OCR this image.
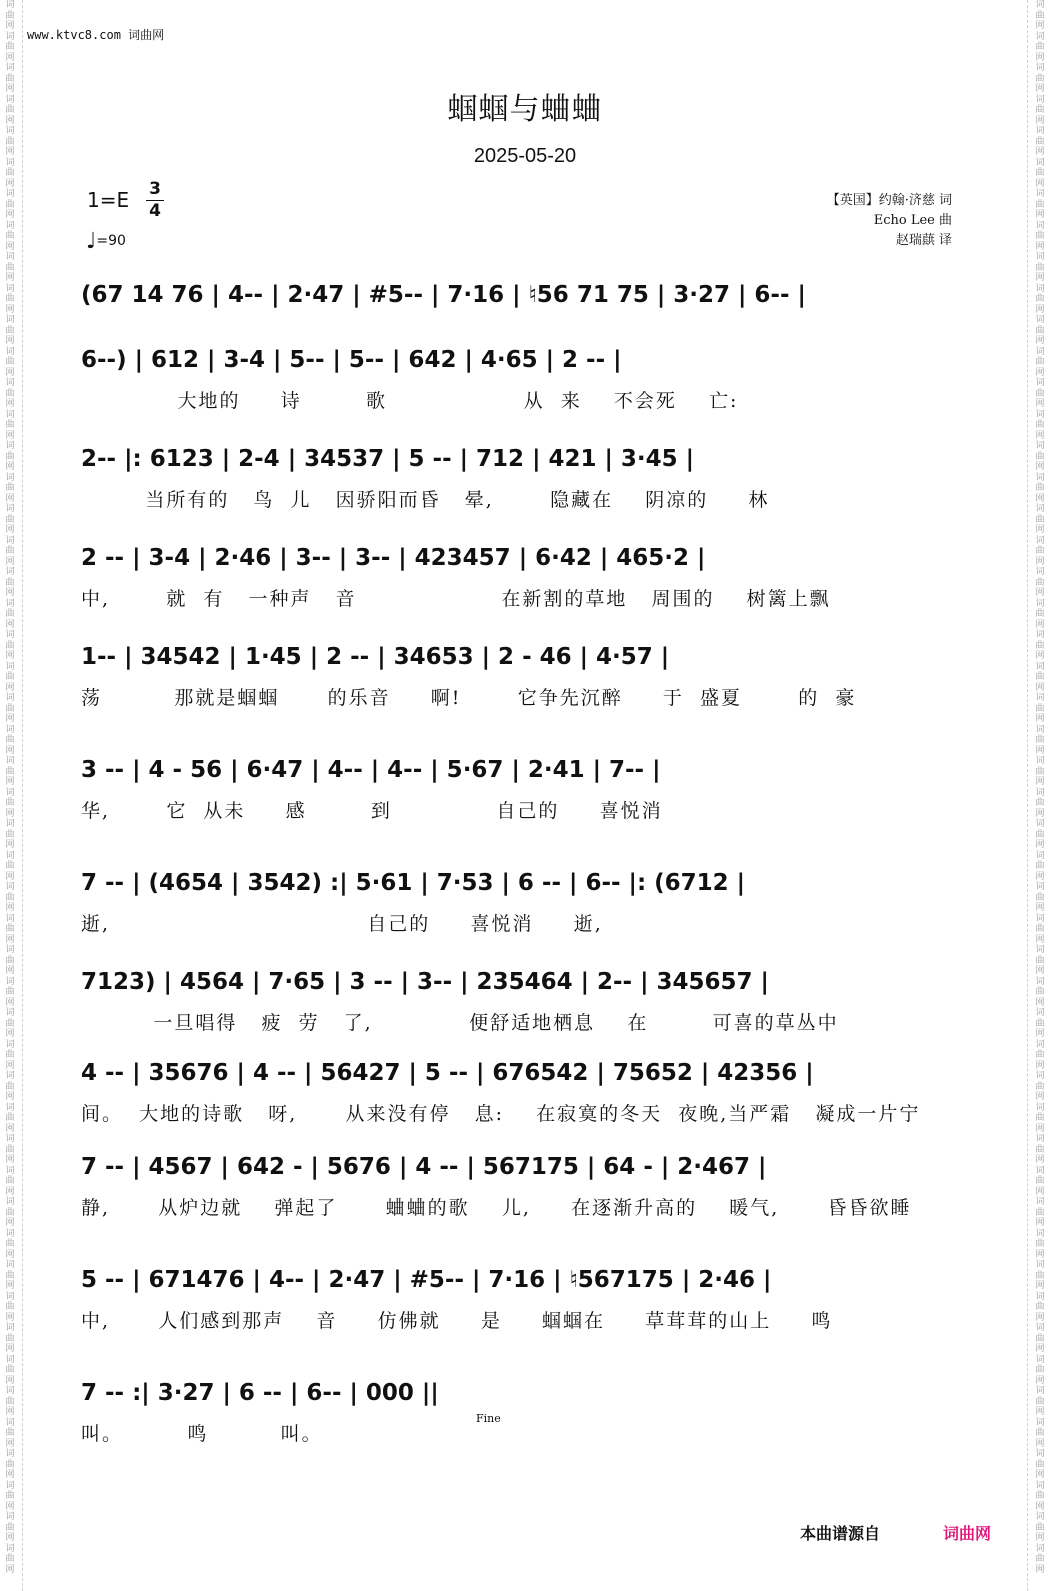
词曲网词曲网词曲网词曲网词曲网词曲网词曲网词曲网词曲网词曲网词曲网词曲网词曲网词曲网词曲网词曲网词曲网词曲网词曲网词曲网词曲网词曲网词曲网词曲网词曲网词曲网词曲网词曲网词曲网词曲网词曲网词曲网词曲网词曲网词曲网词曲网词曲网词曲网词曲网词曲网词曲网词曲网词曲网词曲网词曲网词曲网词曲网词曲网词曲网词曲网
词曲网词曲网词曲网词曲网词曲网词曲网词曲网词曲网词曲网词曲网词曲网词曲网词曲网词曲网词曲网词曲网词曲网词曲网词曲网词曲网词曲网词曲网词曲网词曲网词曲网词曲网词曲网词曲网词曲网词曲网词曲网词曲网词曲网词曲网词曲网词曲网词曲网词曲网词曲网词曲网词曲网词曲网词曲网词曲网词曲网词曲网词曲网词曲网词曲网词曲网
www.ktvc8.com 词曲网
蝈蝈与蛐蛐
2025-05-20
1=E 3
4
♩=90
【英国】约翰·济慈 词
Echo Lee 曲
赵瑞蕻 译
(67 14 76 | 4-- | 2·47 | #5-- | 7·16 | ♮56 71 75 | 3·27 | 6-- |
6--) | 612 | 3-4 | 5-- | 5-- | 642 | 4·65 | 2 -- |
大地的     诗        歌                 从  来    不会死    亡:
2-- |: 6123 | 2-4 | 34537 | 5 -- | 712 | 421 | 3·45 |
当所有的   鸟  儿   因骄阳而昏   晕,       隐藏在    阴凉的     林
2 -- | 3-4 | 2·46 | 3-- | 3-- | 423457 | 6·42 | 465·2 |
中,       就  有   一种声   音                  在新割的草地   周围的    树篱上飘
1-- | 34542 | 1·45 | 2 -- | 34653 | 2 - 46 | 4·57 |
荡         那就是蝈蝈      的乐音     啊!       它争先沉醉     于  盛夏       的  豪
3 -- | 4 - 56 | 6·47 | 4-- | 4-- | 5·67 | 2·41 | 7-- |
华,       它  从未     感        到             自己的     喜悦消
7 -- | (4654 | 3542) :| 5·61 | 7·53 | 6 -- | 6-- |: (6712 |
逝,                                自己的     喜悦消     逝,
7123) | 4564 | 7·65 | 3 -- | 3-- | 235464 | 2-- | 345657 |
一旦唱得   疲  劳   了,            便舒适地栖息    在        可喜的草丛中
4 -- | 35676 | 4 -- | 56427 | 5 -- | 676542 | 75652 | 42356 |
间。  大地的诗歌   呀,      从来没有停   息:    在寂寞的冬天  夜晚,当严霜   凝成一片宁
7 -- | 4567 | 642 - | 5676 | 4 -- | 567175 | 64 - | 2·467 |
静,      从炉边就    弹起了      蛐蛐的歌    儿,     在逐渐升高的    暖气,      昏昏欲睡
5 -- | 671476 | 4-- | 2·47 | #5-- | 7·16 | ♮567175 | 2·46 |
中,      人们感到那声    音     仿佛就     是     蝈蝈在     草茸茸的山上     鸣
7 -- :| 3·27 | 6 -- | 6-- | 000 ||
叫。        鸣         叫。
Fine
本曲谱源自	词曲网
